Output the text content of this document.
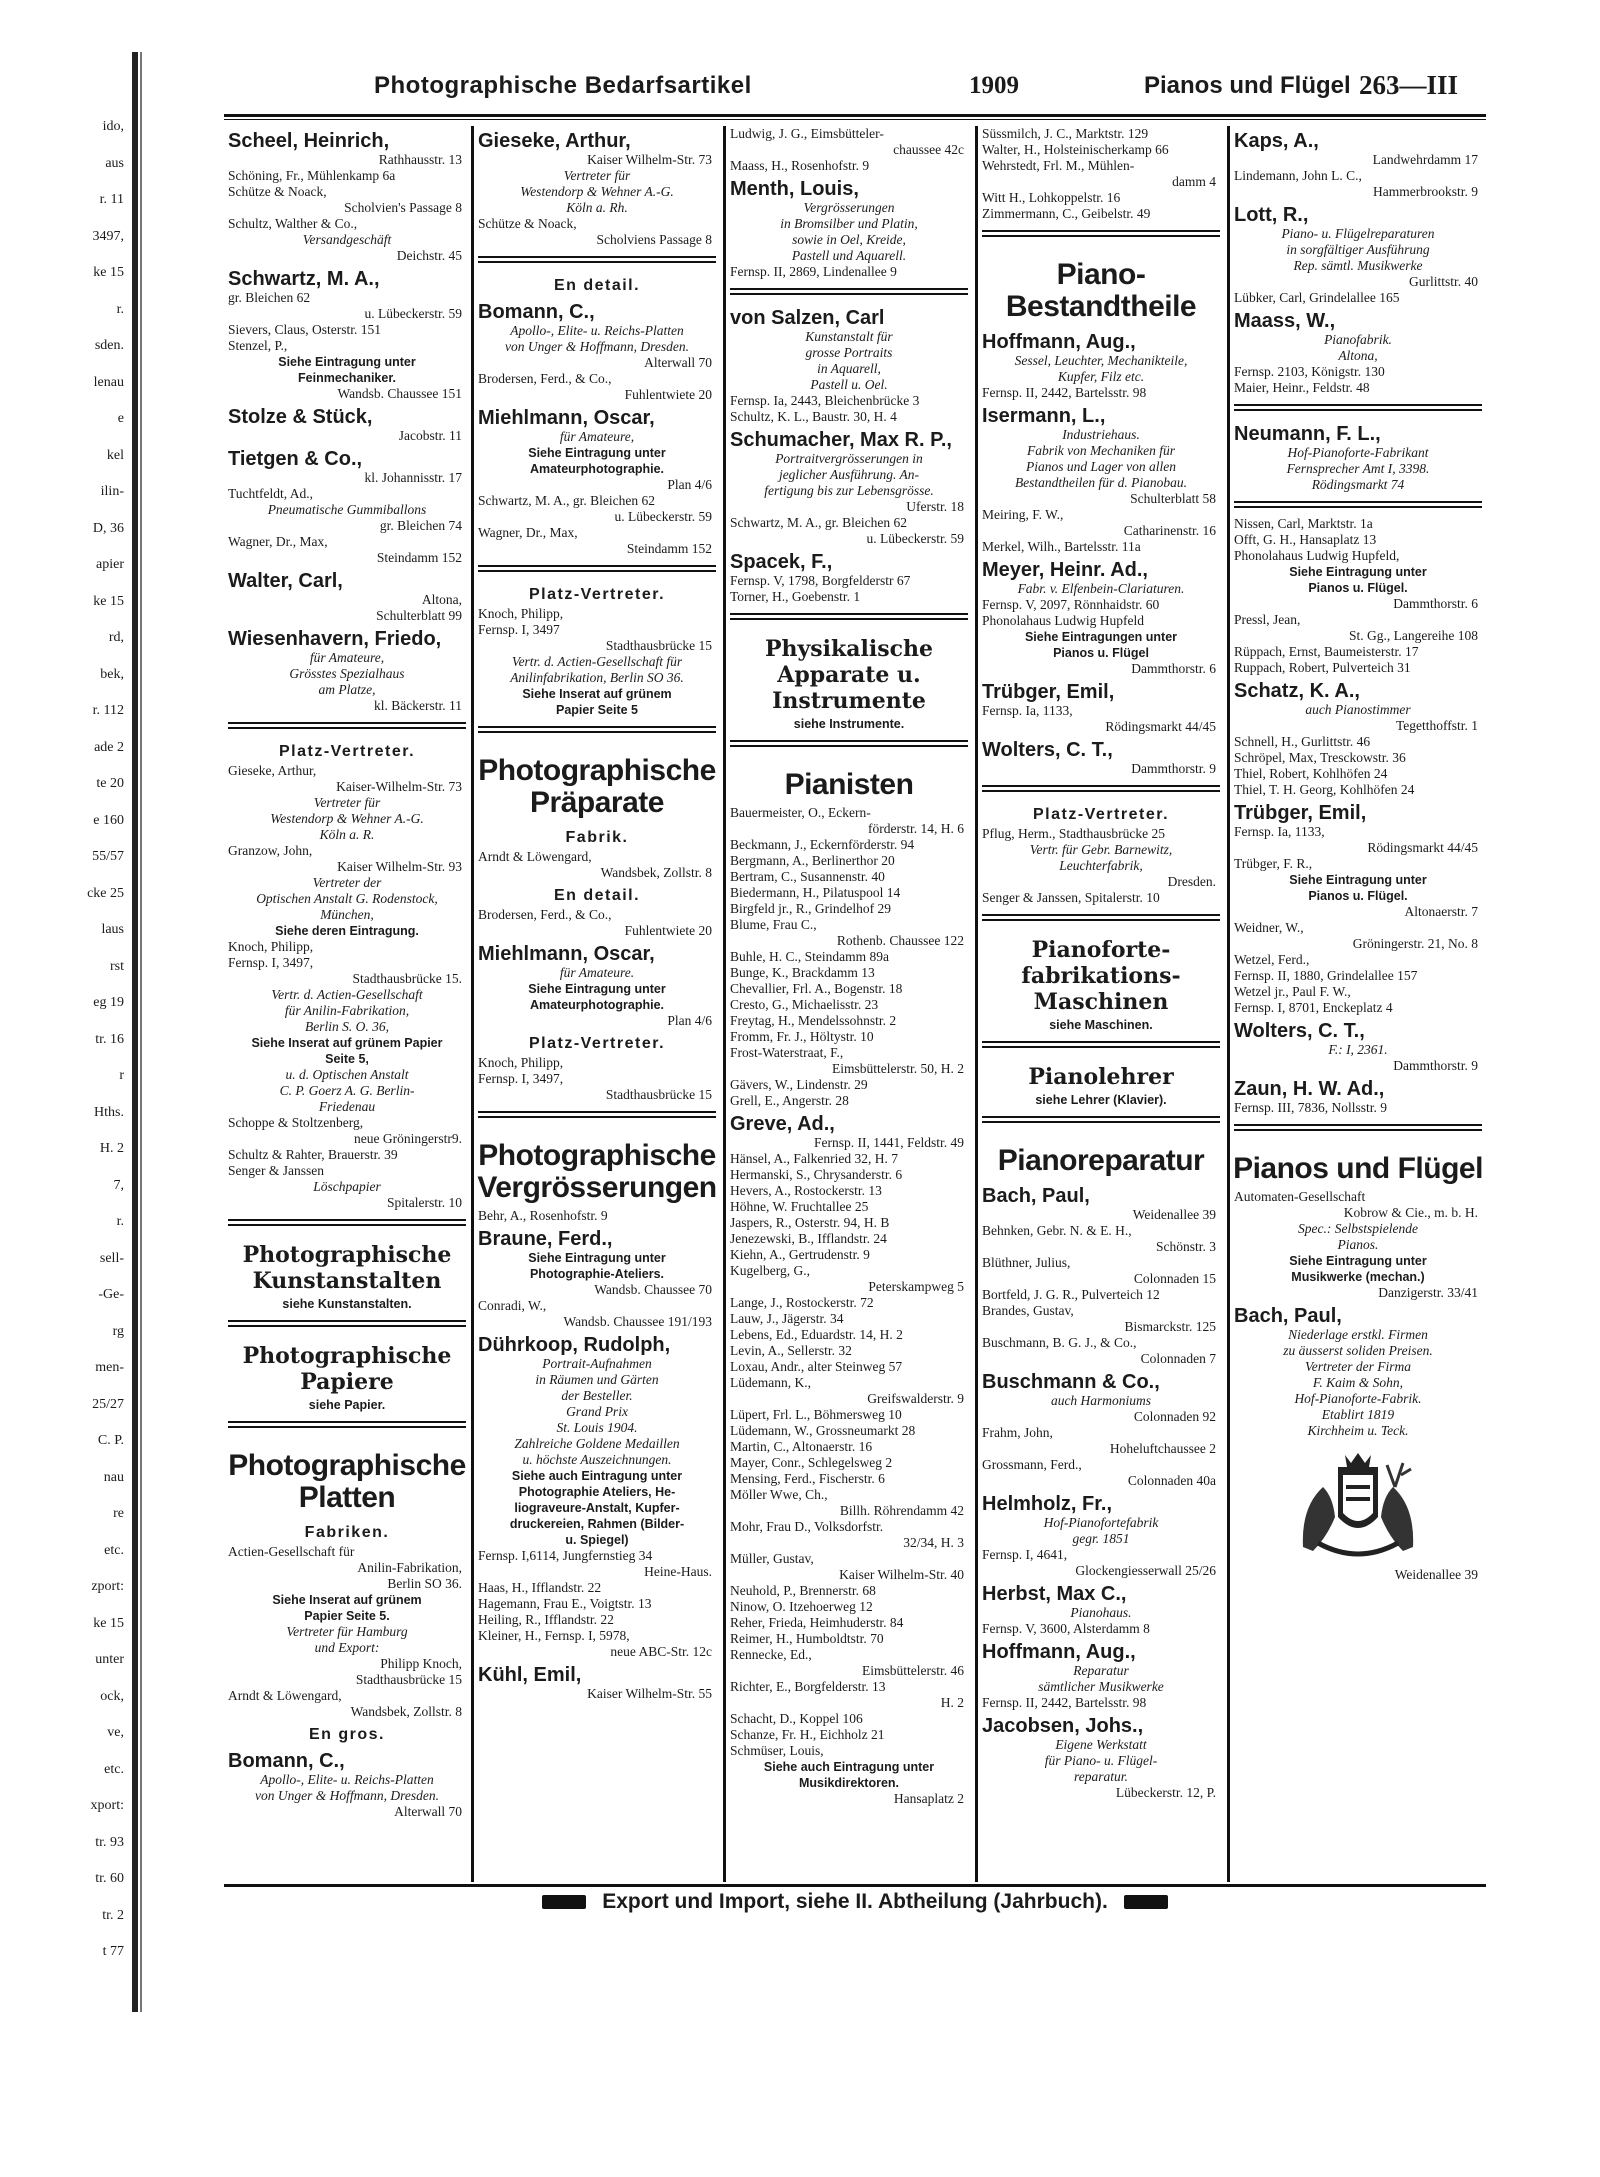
ido,
aus
r. 11
3497,
ke 15
r.
sden.
lenau
e
kel
ilin-
D, 36
apier
ke 15
rd,
bek,
r. 112
ade 2
te 20
e 160
55/57
cke 25
laus
rst
eg 19
tr. 16
r
Hths.
H. 2
7,
r.
sell-
-Ge-
rg
men-
25/27
C. P.
nau
re
etc.
zport:
ke 15
unter
ock,
ve,
etc.
xport:
tr. 93
tr. 60
tr. 2
t 77
Photographische Bedarfsartikel	1909	Pianos und Flügel 263—III
Scheel, Heinrich,
Rathhausstr. 13
Schöning, Fr., Mühlenkamp 6a
Schütze & Noack,
Scholvien's Passage 8
Schultz, Walther & Co.,
Versandgeschäft
Deichstr. 45
Schwartz, M. A.,
gr. Bleichen 62
u. Lübeckerstr. 59
Sievers, Claus, Osterstr. 151
Stenzel, P.,
Siehe Eintragung unter
Feinmechaniker.
Wandsb. Chaussee 151
Stolze & Stück,
Jacobstr. 11
Tietgen & Co.,
kl. Johannisstr. 17
Tuchtfeldt, Ad.,
Pneumatische Gummiballons
gr. Bleichen 74
Wagner, Dr., Max,
Steindamm 152
Walter, Carl,
Altona,
Schulterblatt 99
Wiesenhavern, Friedo,
für Amateure,
Grösstes Spezialhaus
am Platze,
kl. Bäckerstr. 11
Platz-Vertreter.
Gieseke, Arthur,
Kaiser-Wilhelm-Str. 73
Vertreter für
Westendorp & Wehner A.-G.
Köln a. R.
Granzow, John,
Kaiser Wilhelm-Str. 93
Vertreter der
Optischen Anstalt G. Rodenstock,
München,
Siehe deren Eintragung.
Knoch, Philipp,
Fernsp. I, 3497,
Stadthausbrücke 15.
Vertr. d. Actien-Gesellschaft
für Anilin-Fabrikation,
Berlin S. O. 36,
Siehe Inserat auf grünem Papier
Seite 5,
u. d. Optischen Anstalt
C. P. Goerz A. G. Berlin-
Friedenau
Schoppe & Stoltzenberg,
neue Gröningerstr9.
Schultz & Rahter, Brauerstr. 39
Senger & Janssen
Löschpapier
Spitalerstr. 10
Photographische Kunstanstalten
siehe Kunstanstalten.
Photographische Papiere
siehe Papier.
Photographische Platten
Fabriken.
Actien-Gesellschaft für
Anilin-Fabrikation,
Berlin SO 36.
Siehe Inserat auf grünem
Papier Seite 5.
Vertreter für Hamburg
und Export:
Philipp Knoch,
Stadthausbrücke 15
Arndt & Löwengard,
Wandsbek, Zollstr. 8
En gros.
Bomann, C.,
Apollo-, Elite- u. Reichs-Platten
von Unger & Hoffmann, Dresden.
Alterwall 70
Gieseke, Arthur,
Kaiser Wilhelm-Str. 73
Vertreter für
Westendorp & Wehner A.-G.
Köln a. Rh.
Schütze & Noack,
Scholviens Passage 8
En detail.
Bomann, C.,
Apollo-, Elite- u. Reichs-Platten
von Unger & Hoffmann, Dresden.
Alterwall 70
Brodersen, Ferd., & Co.,
Fuhlentwiete 20
Miehlmann, Oscar,
für Amateure,
Siehe Eintragung unter
Amateurphotographie.
Plan 4/6
Schwartz, M. A., gr. Bleichen 62
u. Lübeckerstr. 59
Wagner, Dr., Max,
Steindamm 152
Platz-Vertreter.
Knoch, Philipp,
Fernsp. I, 3497
Stadthausbrücke 15
Vertr. d. Actien-Gesellschaft für
Anilinfabrikation, Berlin SO 36.
Siehe Inserat auf grünem
Papier Seite 5
Photographische Präparate
Fabrik.
Arndt & Löwengard,
Wandsbek, Zollstr. 8
En detail.
Brodersen, Ferd., & Co.,
Fuhlentwiete 20
Miehlmann, Oscar,
für Amateure.
Siehe Eintragung unter
Amateurphotographie.
Plan 4/6
Platz-Vertreter.
Knoch, Philipp,
Fernsp. I, 3497,
Stadthausbrücke 15
Photographische Vergrösserungen
Behr, A., Rosenhofstr. 9
Braune, Ferd.,
Siehe Eintragung unter
Photographie-Ateliers.
Wandsb. Chaussee 70
Conradi, W.,
Wandsb. Chaussee 191/193
Dührkoop, Rudolph,
Portrait-Aufnahmen
in Räumen und Gärten
der Besteller.
Grand Prix
St. Louis 1904.
Zahlreiche Goldene Medaillen
u. höchste Auszeichnungen.
Siehe auch Eintragung unter
Photographie Ateliers, He-
liograveure-Anstalt, Kupfer-
druckereien, Rahmen (Bilder-
u. Spiegel)
Fernsp. I,6114, Jungfernstieg 34
Heine-Haus.
Haas, H., Ifflandstr. 22
Hagemann, Frau E., Voigtstr. 13
Heiling, R., Ifflandstr. 22
Kleiner, H., Fernsp. I, 5978,
neue ABC-Str. 12c
Kühl, Emil,
Kaiser Wilhelm-Str. 55
Ludwig, J. G., Eimsbütteler-
chaussee 42c
Maass, H., Rosenhofstr. 9
Menth, Louis,
Vergrösserungen
in Bromsilber und Platin,
sowie in Oel, Kreide,
Pastell und Aquarell.
Fernsp. II, 2869, Lindenallee 9
von Salzen, Carl
Kunstanstalt für
grosse Portraits
in Aquarell,
Pastell u. Oel.
Fernsp. Ia, 2443, Bleichenbrücke 3
Schultz, K. L., Baustr. 30, H. 4
Schumacher, Max R. P.,
Portraitvergrösserungen in
jeglicher Ausführung. An-
fertigung bis zur Lebensgrösse.
Uferstr. 18
Schwartz, M. A., gr. Bleichen 62
u. Lübeckerstr. 59
Spacek, F.,
Fernsp. V, 1798, Borgfelderstr 67
Torner, H., Goebenstr. 1
Physikalische Apparate u. Instrumente
siehe Instrumente.
Pianisten
Bauermeister, O., Eckern-
förderstr. 14, H. 6
Beckmann, J., Eckernförderstr. 94
Bergmann, A., Berlinerthor 20
Bertram, C., Susannenstr. 40
Biedermann, H., Pilatuspool 14
Birgfeld jr., R., Grindelhof 29
Blume, Frau C.,
Rothenb. Chaussee 122
Buhle, H. C., Steindamm 89a
Bunge, K., Brackdamm 13
Chevallier, Frl. A., Bogenstr. 18
Cresto, G., Michaelisstr. 23
Freytag, H., Mendelssohnstr. 2
Fromm, Fr. J., Höltystr. 10
Frost-Waterstraat, F.,
Eimsbüttelerstr. 50, H. 2
Gävers, W., Lindenstr. 29
Grell, E., Angerstr. 28
Greve, Ad.,
Fernsp. II, 1441, Feldstr. 49
Hänsel, A., Falkenried 32, H. 7
Hermanski, S., Chrysanderstr. 6
Hevers, A., Rostockerstr. 13
Höhne, W. Fruchtallee 25
Jaspers, R., Osterstr. 94, H. B
Jenezewski, B., Ifflandstr. 24
Kiehn, A., Gertrudenstr. 9
Kugelberg, G.,
Peterskampweg 5
Lange, J., Rostockerstr. 72
Lauw, J., Jägerstr. 34
Lebens, Ed., Eduardstr. 14, H. 2
Levin, A., Sellerstr. 32
Loxau, Andr., alter Steinweg 57
Lüdemann, K.,
Greifswalderstr. 9
Lüpert, Frl. L., Böhmersweg 10
Lüdemann, W., Grossneumarkt 28
Martin, C., Altonaerstr. 16
Mayer, Conr., Schlegelsweg 2
Mensing, Ferd., Fischerstr. 6
Möller Wwe, Ch.,
Billh. Röhrendamm 42
Mohr, Frau D., Volksdorfstr.
32/34, H. 3
Müller, Gustav,
Kaiser Wilhelm-Str. 40
Neuhold, P., Brennerstr. 68
Ninow, O. Itzehoerweg 12
Reher, Frieda, Heimhuderstr. 84
Reimer, H., Humboldtstr. 70
Rennecke, Ed.,
Eimsbüttelerstr. 46
Richter, E., Borgfelderstr. 13
H. 2
Schacht, D., Koppel 106
Schanze, Fr. H., Eichholz 21
Schmüser, Louis,
Siehe auch Eintragung unter
Musikdirektoren.
Hansaplatz 2
Süssmilch, J. C., Marktstr. 129
Walter, H., Holsteinischerkamp 66
Wehrstedt, Frl. M., Mühlen-
damm 4
Witt H., Lohkoppelstr. 16
Zimmermann, C., Geibelstr. 49
Piano-Bestandtheile
Hoffmann, Aug.,
Sessel, Leuchter, Mechanikteile,
Kupfer, Filz etc.
Fernsp. II, 2442, Bartelsstr. 98
Isermann, L.,
Industriehaus.
Fabrik von Mechaniken für
Pianos und Lager von allen
Bestandtheilen für d. Pianobau.
Schulterblatt 58
Meiring, F. W.,
Catharinenstr. 16
Merkel, Wilh., Bartelsstr. 11a
Meyer, Heinr. Ad.,
Fabr. v. Elfenbein-Clariaturen.
Fernsp. V, 2097, Rönnhaidstr. 60
Phonolahaus Ludwig Hupfeld
Siehe Eintragungen unter
Pianos u. Flügel
Dammthorstr. 6
Trübger, Emil,
Fernsp. Ia, 1133,
Rödingsmarkt 44/45
Wolters, C. T.,
Dammthorstr. 9
Platz-Vertreter.
Pflug, Herm., Stadthausbrücke 25
Vertr. für Gebr. Barnewitz,
Leuchterfabrik,
Dresden.
Senger & Janssen, Spitalerstr. 10
Pianoforte-fabrikations-Maschinen
siehe Maschinen.
Pianolehrer
siehe Lehrer (Klavier).
Pianoreparatur
Bach, Paul,
Weidenallee 39
Behnken, Gebr. N. & E. H.,
Schönstr. 3
Blüthner, Julius,
Colonnaden 15
Bortfeld, J. G. R., Pulverteich 12
Brandes, Gustav,
Bismarckstr. 125
Buschmann, B. G. J., & Co.,
Colonnaden 7
Buschmann & Co.,
auch Harmoniums
Colonnaden 92
Frahm, John,
Hoheluftchaussee 2
Grossmann, Ferd.,
Colonnaden 40a
Helmholz, Fr.,
Hof-Pianofortefabrik
gegr. 1851
Fernsp. I, 4641,
Glockengiesserwall 25/26
Herbst, Max C.,
Pianohaus.
Fernsp. V, 3600, Alsterdamm 8
Hoffmann, Aug.,
Reparatur
sämtlicher Musikwerke
Fernsp. II, 2442, Bartelsstr. 98
Jacobsen, Johs.,
Eigene Werkstatt
für Piano- u. Flügel-
reparatur.
Lübeckerstr. 12, P.
Kaps, A.,
Landwehrdamm 17
Lindemann, John L. C.,
Hammerbrookstr. 9
Lott, R.,
Piano- u. Flügelreparaturen
in sorgfältiger Ausführung
Rep. sämtl. Musikwerke
Gurlittstr. 40
Lübker, Carl, Grindelallee 165
Maass, W.,
Pianofabrik.
Altona,
Fernsp. 2103, Königstr. 130
Maier, Heinr., Feldstr. 48
Neumann, F. L.,
Hof-Pianoforte-Fabrikant
Fernsprecher Amt I, 3398.
Rödingsmarkt 74
Nissen, Carl, Marktstr. 1a
Offt, G. H., Hansaplatz 13
Phonolahaus Ludwig Hupfeld,
Siehe Eintragung unter
Pianos u. Flügel.
Dammthorstr. 6
Pressl, Jean,
St. Gg., Langereihe 108
Rüppach, Ernst, Baumeisterstr. 17
Ruppach, Robert, Pulverteich 31
Schatz, K. A.,
auch Pianostimmer
Tegetthoffstr. 1
Schnell, H., Gurlittstr. 46
Schröpel, Max, Tresckowstr. 36
Thiel, Robert, Kohlhöfen 24
Thiel, T. H. Georg, Kohlhöfen 24
Trübger, Emil,
Fernsp. Ia, 1133,
Rödingsmarkt 44/45
Trübger, F. R.,
Siehe Eintragung unter
Pianos u. Flügel.
Altonaerstr. 7
Weidner, W.,
Gröningerstr. 21, No. 8
Wetzel, Ferd.,
Fernsp. II, 1880, Grindelallee 157
Wetzel jr., Paul F. W.,
Fernsp. I, 8701, Enckeplatz 4
Wolters, C. T.,
F.: I, 2361.
Dammthorstr. 9
Zaun, H. W. Ad.,
Fernsp. III, 7836, Nollsstr. 9
Pianos und Flügel
Automaten-Gesellschaft
Kobrow & Cie., m. b. H.
Spec.: Selbstspielende
Pianos.
Siehe Eintragung unter
Musikwerke (mechan.)
Danzigerstr. 33/41
Bach, Paul,
Niederlage erstkl. Firmen
zu äusserst soliden Preisen.
Vertreter der Firma
F. Kaim & Sohn,
Hof-Pianoforte-Fabrik.
Etablirt 1819
Kirchheim u. Teck.
Weidenallee 39
Export und Import, siehe II. Abtheilung (Jahrbuch).
